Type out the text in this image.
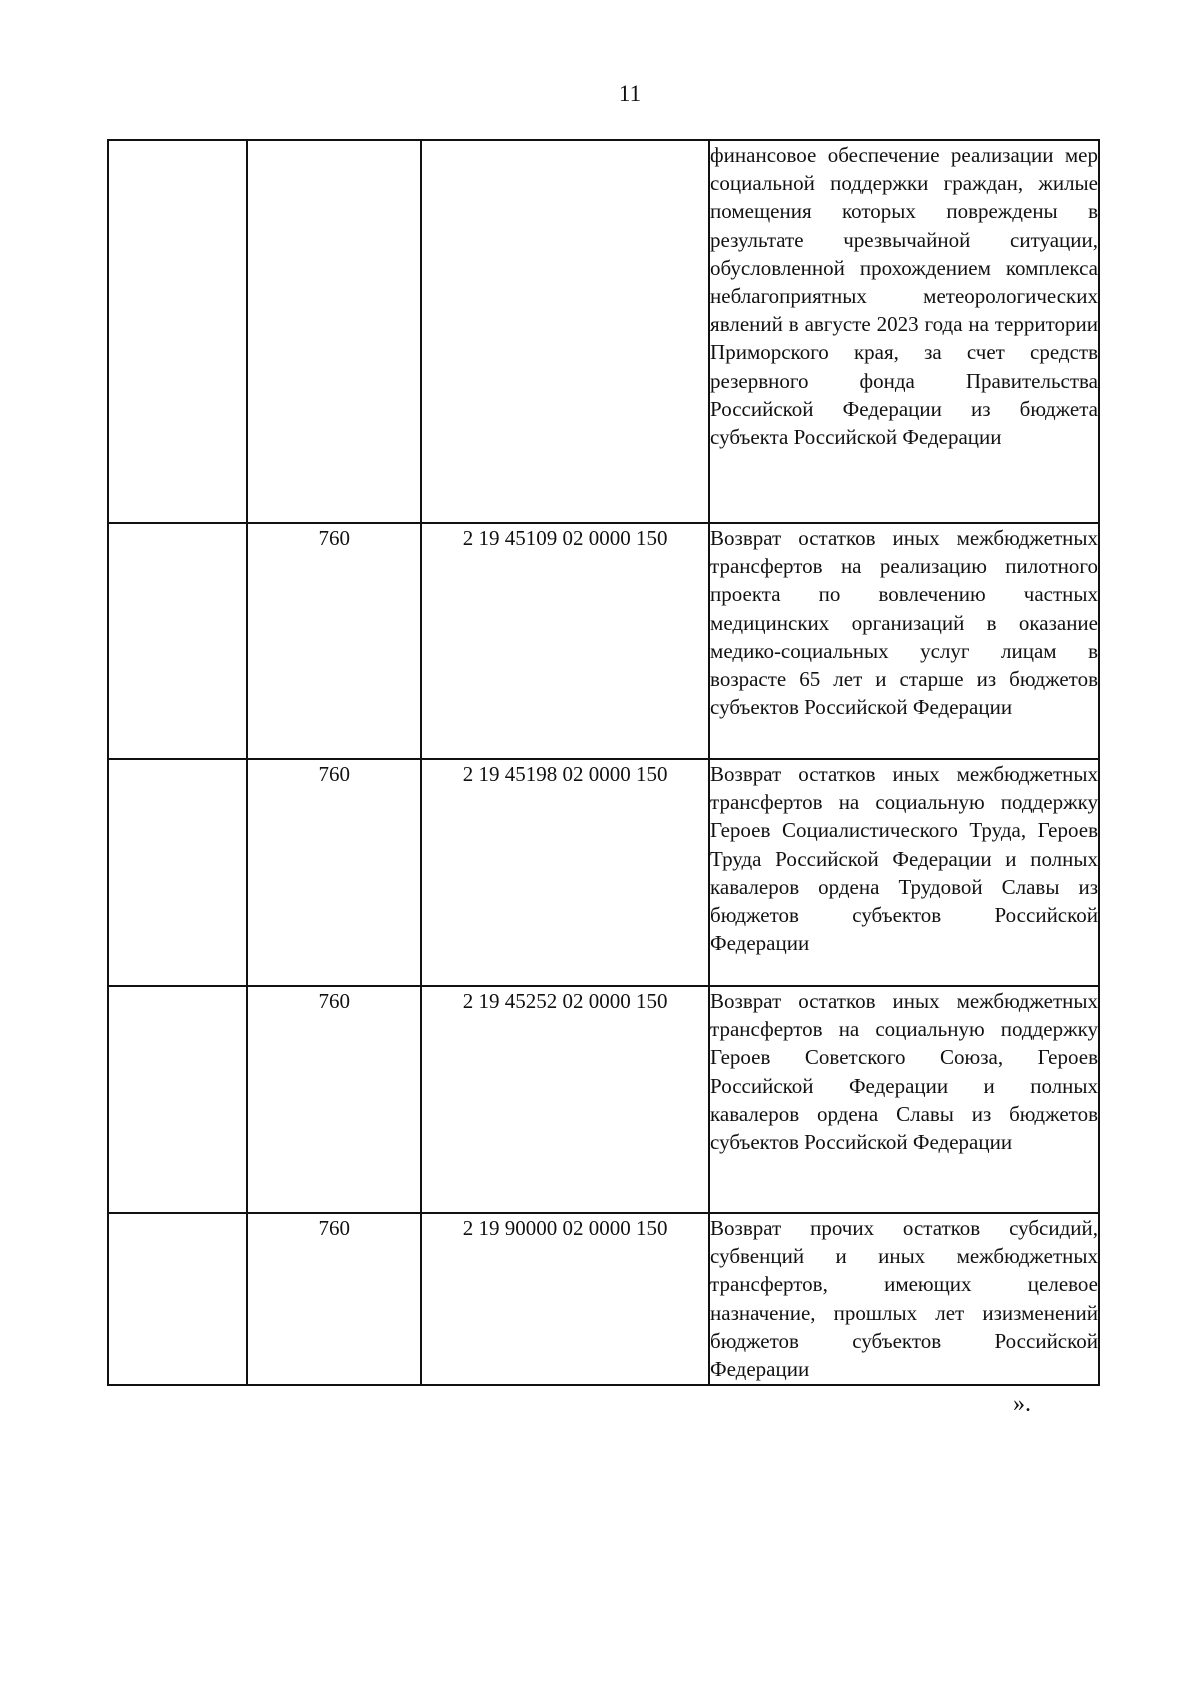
11

			финансовое обеспечение реализации мер социальной поддержки граждан, жилые помещения которых повреждены в результате чрезвычайной ситуации, обусловленной прохождением комплекса неблагоприятных метеорологических явлений в августе 2023 года на территории Приморского края, за счет средств резервного фонда Правительства Российской Федерации из бюджета субъекта Российской Федерации

	760	2 19 45109 02 0000 150	Возврат остатков иных межбюджетных трансфертов на реализацию пилотного проекта по вовлечению частных медицинских организаций в оказание медико-социальных услуг лицам в возрасте 65 лет и старше из бюджетов субъектов Российской Федерации

	760	2 19 45198 02 0000 150	Возврат остатков иных межбюджетных трансфертов на социальную поддержку Героев Социалистического Труда, Героев Труда Российской Федерации и полных кавалеров ордена Трудовой Славы из бюджетов субъектов Российской Федерации

	760	2 19 45252 02 0000 150	Возврат остатков иных межбюджетных трансфертов на социальную поддержку Героев Советского Союза, Героев Российской Федерации и полных кавалеров ордена Славы из бюджетов субъектов Российской Федерации

	760	2 19 90000 02 0000 150	Возврат прочих остатков субсидий, субвенций и иных межбюджетных трансфертов, имеющих целевое назначение, прошлых лет изизменений бюджетов субъектов Российской Федерации
».
